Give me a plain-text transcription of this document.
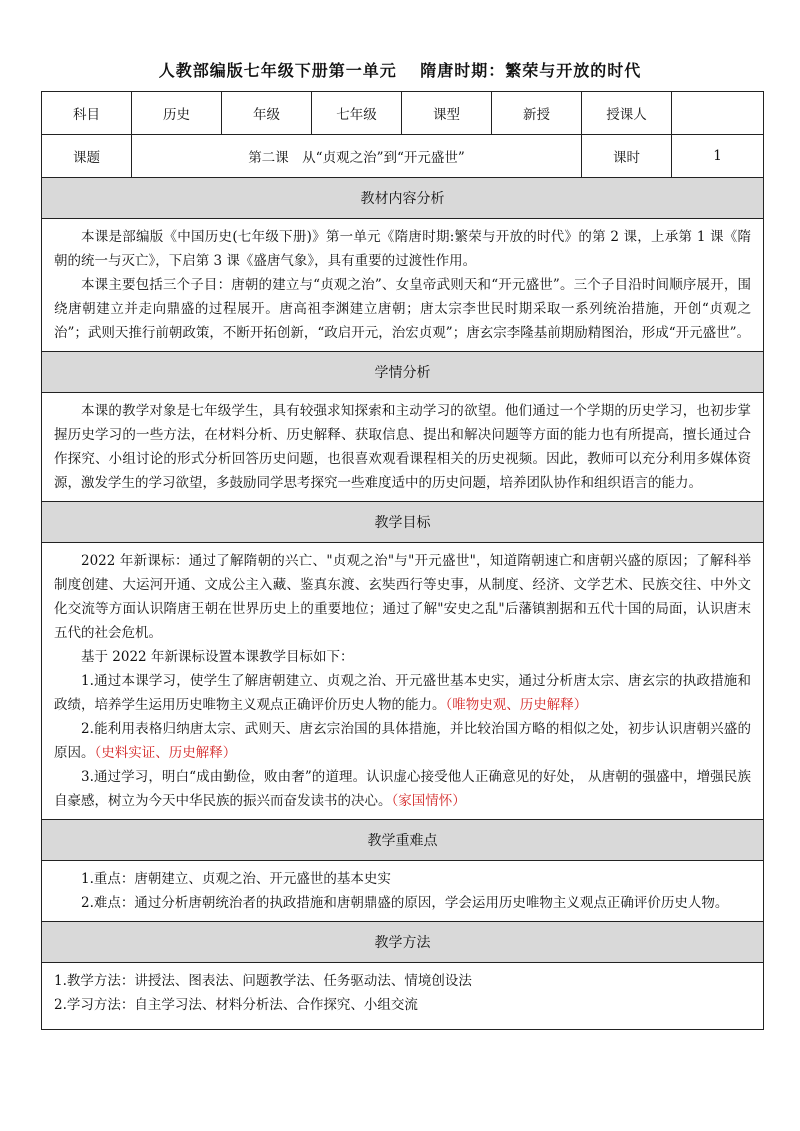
人教部编版七年级下册第一单元　 隋唐时期：繁荣与开放的时代
科目	历史	年级	七年级	课型	新授	授课人	
课题	第二课　从“贞观之治”到“开元盛世”					课时	1
教材内容分析							

本课是部编版《中国历史(七年级下册)》第一单元《隋唐时期:繁荣与开放的时代》的第 2 课，上承第 1 课《隋朝的统一与灭亡》，下启第 3 课《盛唐气象》，具有重要的过渡性作用。

本课主要包括三个子目：唐朝的建立与“贞观之治”、女皇帝武则天和“开元盛世”。三个子目沿时间顺序展开，围绕唐朝建立并走向鼎盛的过程展开。唐高祖李渊建立唐朝；唐太宗李世民时期采取一系列统治措施，开创“贞观之治”；武则天推行前朝政策，不断开拓创新，“政启开元，治宏贞观”；唐玄宗李隆基前期励精图治，形成“开元盛世”。							

学情分析							

本课的教学对象是七年级学生，具有较强求知探索和主动学习的欲望。他们通过一个学期的历史学习，也初步掌握历史学习的一些方法，在材料分析、历史解释、获取信息、提出和解决问题等方面的能力也有所提高，擅长通过合作探究、小组讨论的形式分析回答历史问题，也很喜欢观看课程相关的历史视频。因此，教师可以充分利用多媒体资源，激发学生的学习欲望，多鼓励同学思考探究一些难度适中的历史问题，培养团队协作和组织语言的能力。							

教学目标							

2022 年新课标：通过了解隋朝的兴亡、"贞观之治"与"开元盛世"，知道隋朝速亡和唐朝兴盛的原因；了解科举制度创建、大运河开通、文成公主入藏、鉴真东渡、玄奘西行等史事，从制度、经济、文学艺术、民族交往、中外文化交流等方面认识隋唐王朝在世界历史上的重要地位；通过了解"安史之乱"后藩镇割据和五代十国的局面，认识唐末五代的社会危机。

基于 2022 年新课标设置本课教学目标如下：

1.通过本课学习，使学生了解唐朝建立、贞观之治、开元盛世基本史实，通过分析唐太宗、唐玄宗的执政措施和政绩，培养学生运用历史唯物主义观点正确评价历史人物的能力。（唯物史观、历史解释）

2.能利用表格归纳唐太宗、武则天、唐玄宗治国的具体措施，并比较治国方略的相似之处，初步认识唐朝兴盛的原因。（史料实证、历史解释）

3.通过学习，明白“成由勤俭，败由奢”的道理。认识虚心接受他人正确意见的好处， 从唐朝的强盛中，增强民族自豪感，树立为今天中华民族的振兴而奋发读书的决心。（家国情怀）							

教学重难点							

1.重点：唐朝建立、贞观之治、开元盛世的基本史实

2.难点：通过分析唐朝统治者的执政措施和唐朝鼎盛的原因，学会运用历史唯物主义观点正确评价历史人物。							

教学方法							

1.教学方法：讲授法、图表法、问题教学法、任务驱动法、情境创设法

2.学习方法：自主学习法、材料分析法、合作探究、小组交流							
